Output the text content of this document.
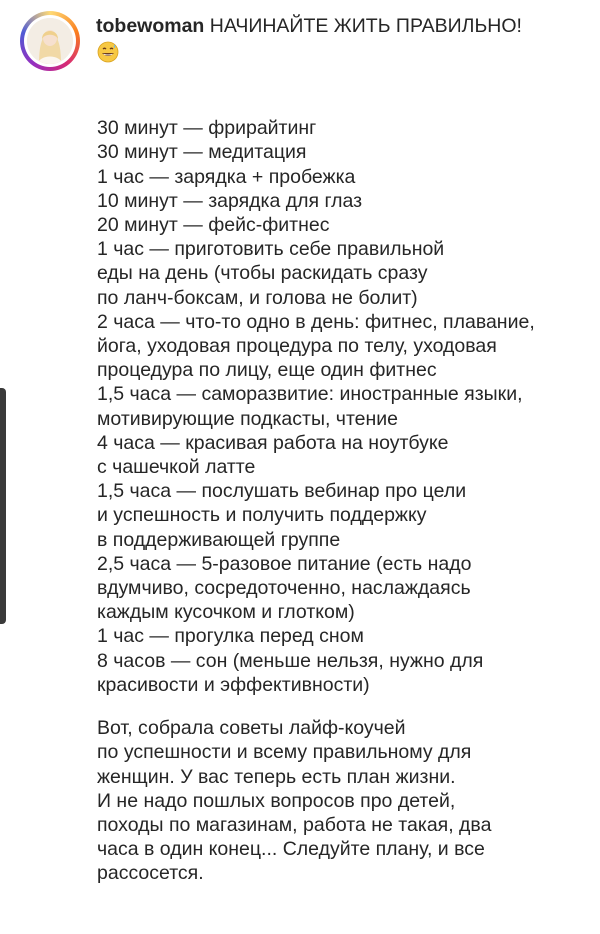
tobewoman НАЧИНАЙТЕ ЖИТЬ ПРАВИЛЬНО!

30 минут — фрирайтинг
30 минут — медитация
1 час — зарядка + пробежка
10 минут — зарядка для глаз
20 минут — фейс-фитнес
1 час — приготовить себе правильной
еды на день (чтобы раскидать сразу
по ланч-боксам, и голова не болит)
2 часа — что-то одно в день: фитнес, плавание,
йога, уходовая процедура по телу, уходовая
процедура по лицу, еще один фитнес
1,5 часа — саморазвитие: иностранные языки,
мотивирующие подкасты, чтение
4 часа — красивая работа на ноутбуке
с чашечкой латте
1,5 часа — послушать вебинар про цели
и успешность и получить поддержку
в поддерживающей группе
2,5 часа — 5-разовое питание (есть надо
вдумчиво, сосредоточенно, наслаждаясь
каждым кусочком и глотком)
1 час — прогулка перед сном
8 часов — сон (меньше нельзя, нужно для
красивости и эффективности)

Вот, собрала советы лайф-коучей
по успешности и всему правильному для
женщин. У вас теперь есть план жизни.
И не надо пошлых вопросов про детей,
походы по магазинам, работа не такая, два
часа в один конец... Следуйте плану, и все
рассосется.
